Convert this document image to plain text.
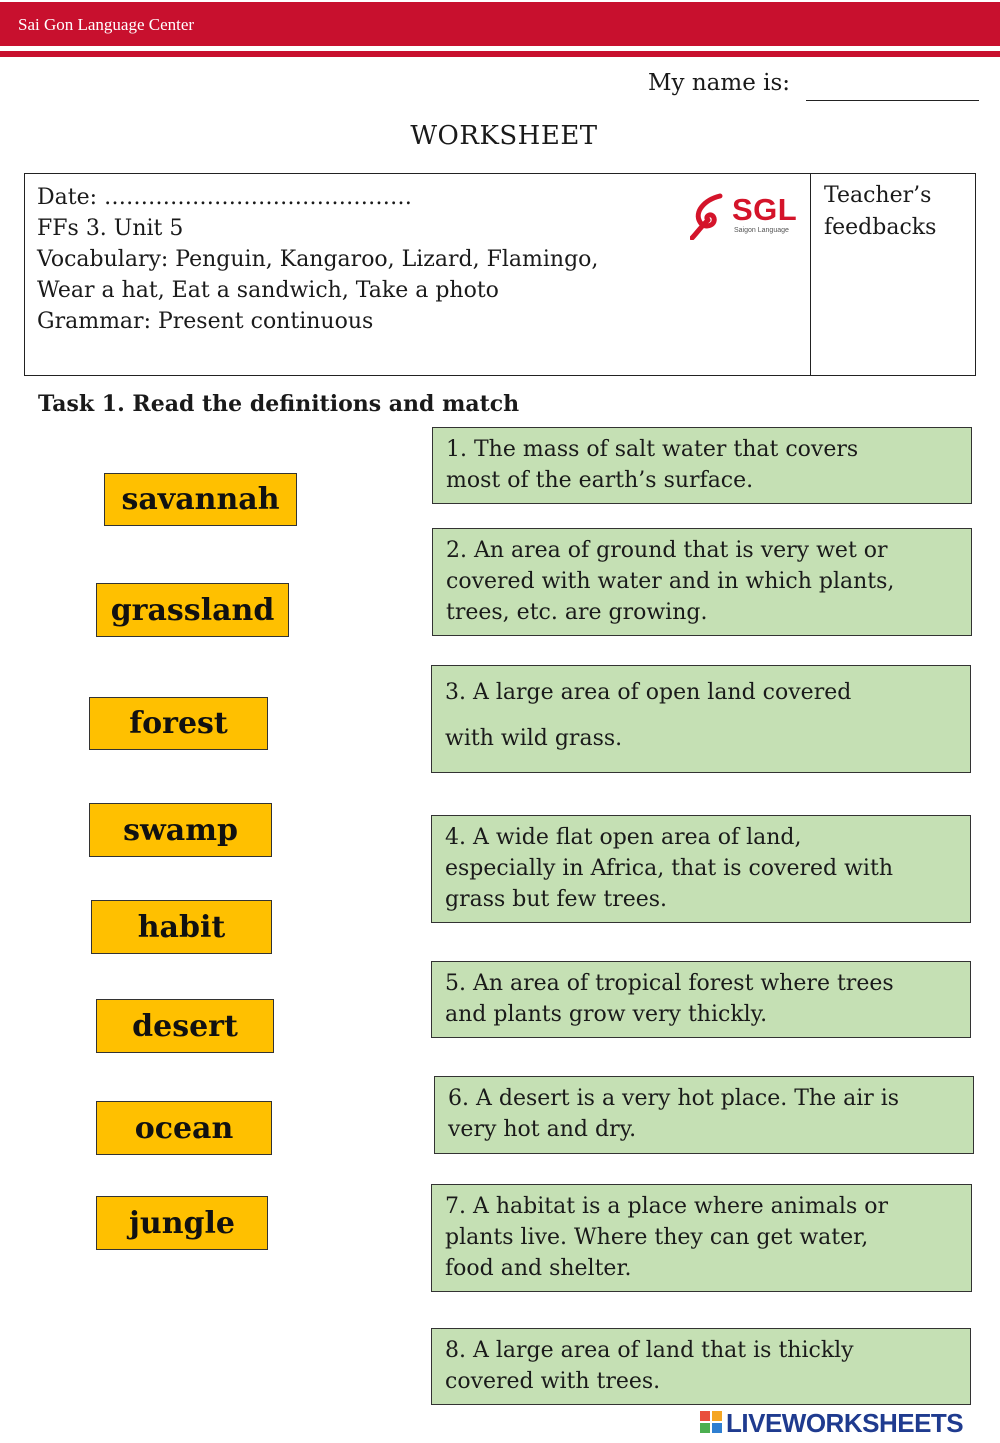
Sai Gon Language Center
My name is:
WORKSHEET
Date: ……………………………………
FFs 3. Unit 5
Vocabulary: Penguin, Kangaroo, Lizard, Flamingo,
Wear a hat, Eat a sandwich, Take a photo
Grammar: Present continuous
SGL
Saigon Language
Teacher’s
feedbacks
Task 1. Read the definitions and match
savannah
grassland
forest
swamp
habit
desert
ocean
jungle
1. The mass of salt water that covers
most of the earth’s surface.
2. An area of ground that is very wet or
covered with water and in which plants,
trees, etc. are growing.
3. A large area of open land covered
with wild grass.
4. A wide flat open area of land,
especially in Africa, that is covered with
grass but few trees.
5. An area of tropical forest where trees
and plants grow very thickly.
6. A desert is a very hot place. The air is
very hot and dry.
7. A habitat is a place where animals or
plants live. Where they can get water,
food and shelter.
8. A large area of land that is thickly
covered with trees.
LIVEWORKSHEETS
